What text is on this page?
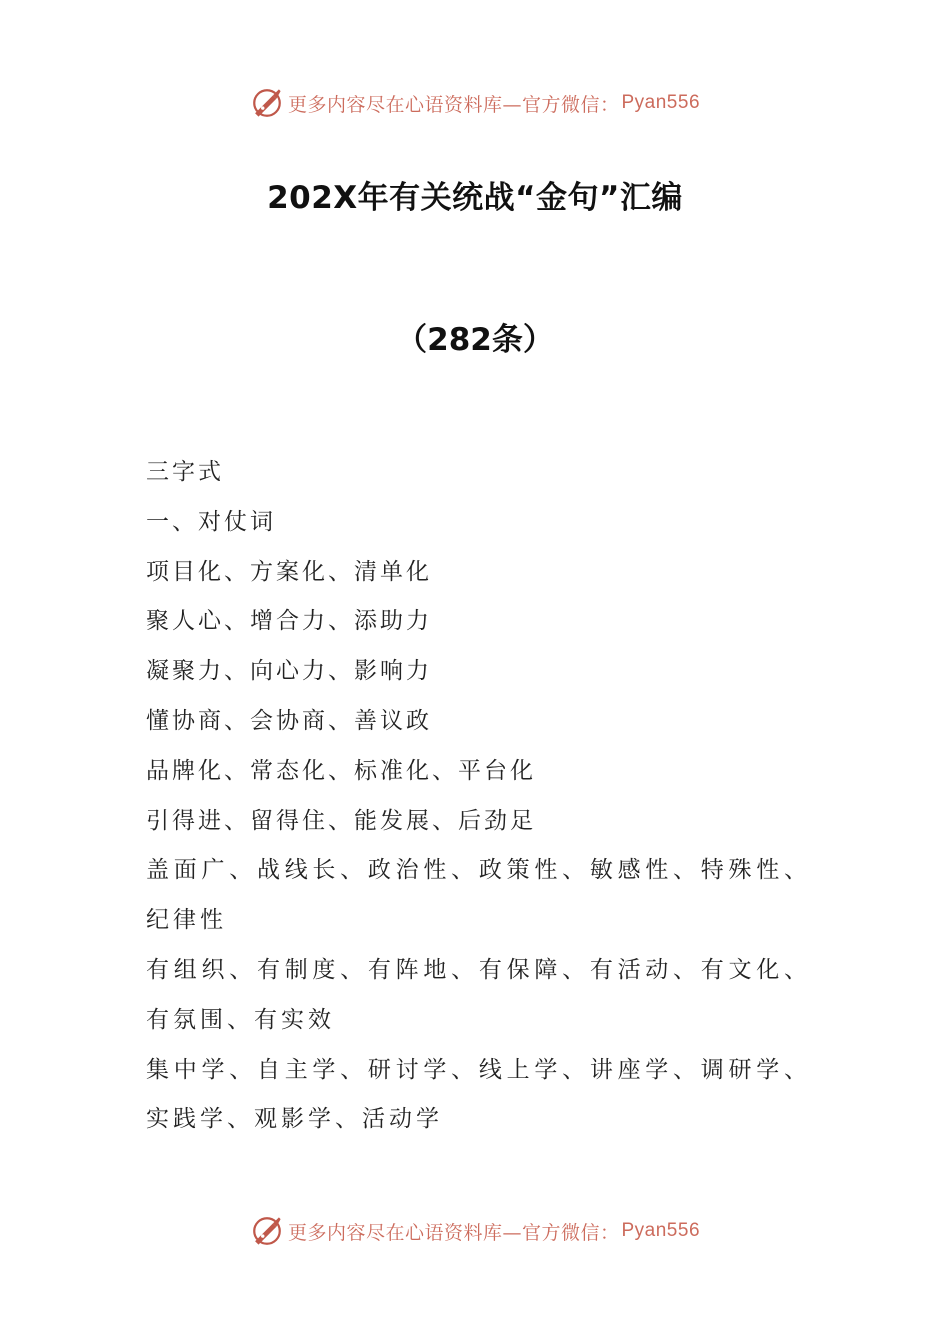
更多内容尽在心语资料库—官方微信： Pyan556
202X年有关统战“金句”汇编
（282条）

三字式

一、对仗词

项目化、方案化、清单化

聚人心、增合力、添助力

凝聚力、向心力、影响力

懂协商、会协商、善议政

品牌化、常态化、标准化、平台化

引得进、留得住、能发展、后劲足

盖面广、战线长、政治性、政策性、敏感性、特殊性、纪律性

有组织、有制度、有阵地、有保障、有活动、有文化、有氛围、有实效

集中学、自主学、研讨学、线上学、讲座学、调研学、实践学、观影学、活动学

更多内容尽在心语资料库—官方微信： Pyan556
